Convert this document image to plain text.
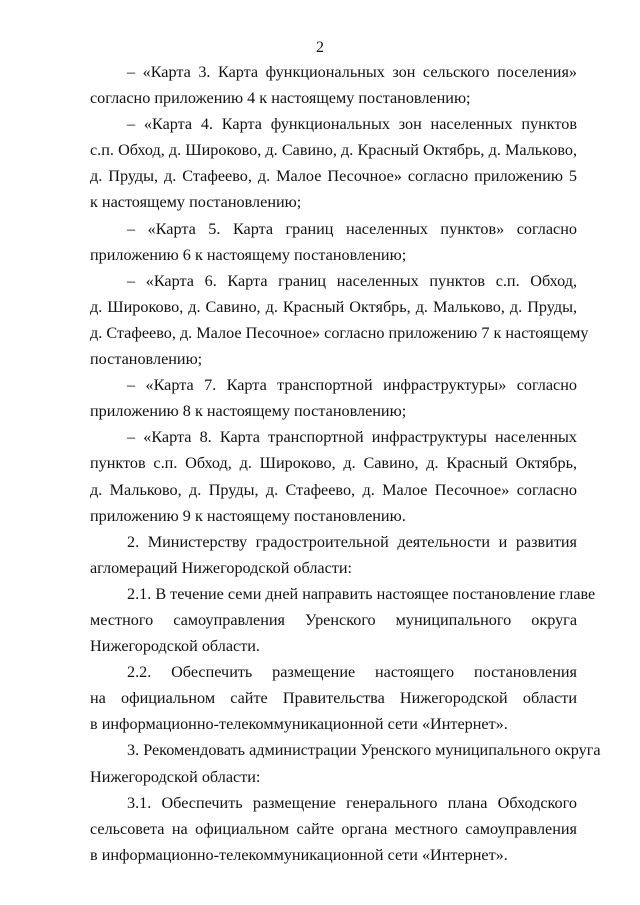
2

– «Карта 3. Карта функциональных зон сельского поселения»
согласно приложению 4 к настоящему постановлению;

– «Карта 4. Карта функциональных зон населенных пунктов
с.п. Обход, д. Широково, д. Савино, д. Красный Октябрь, д. Мальково,
д. Пруды, д. Стафеево, д. Малое Песочное» согласно приложению 5
к настоящему постановлению;

– «Карта 5. Карта границ населенных пунктов» согласно
приложению 6 к настоящему постановлению;

– «Карта 6. Карта границ населенных пунктов с.п. Обход,
д. Широково, д. Савино, д. Красный Октябрь, д. Мальково, д. Пруды,
д. Стафеево, д. Малое Песочное» согласно приложению 7 к настоящему
постановлению;

– «Карта 7. Карта транспортной инфраструктуры» согласно
приложению 8 к настоящему постановлению;

– «Карта 8. Карта транспортной инфраструктуры населенных
пунктов с.п. Обход, д. Широково, д. Савино, д. Красный Октябрь,
д. Мальково, д. Пруды, д. Стафеево, д. Малое Песочное» согласно
приложению 9 к настоящему постановлению.

2. Министерству градостроительной деятельности и развития
агломераций Нижегородской области:

2.1. В течение семи дней направить настоящее постановление главе
местного самоуправления Уренского муниципального округа
Нижегородской области.

2.2. Обеспечить размещение настоящего постановления
на официальном сайте Правительства Нижегородской области
в информационно-телекоммуникационной сети «Интернет».

3. Рекомендовать администрации Уренского муниципального округа
Нижегородской области:

3.1. Обеспечить размещение генерального плана Обходского
сельсовета на официальном сайте органа местного самоуправления
в информационно-телекоммуникационной сети «Интернет».
